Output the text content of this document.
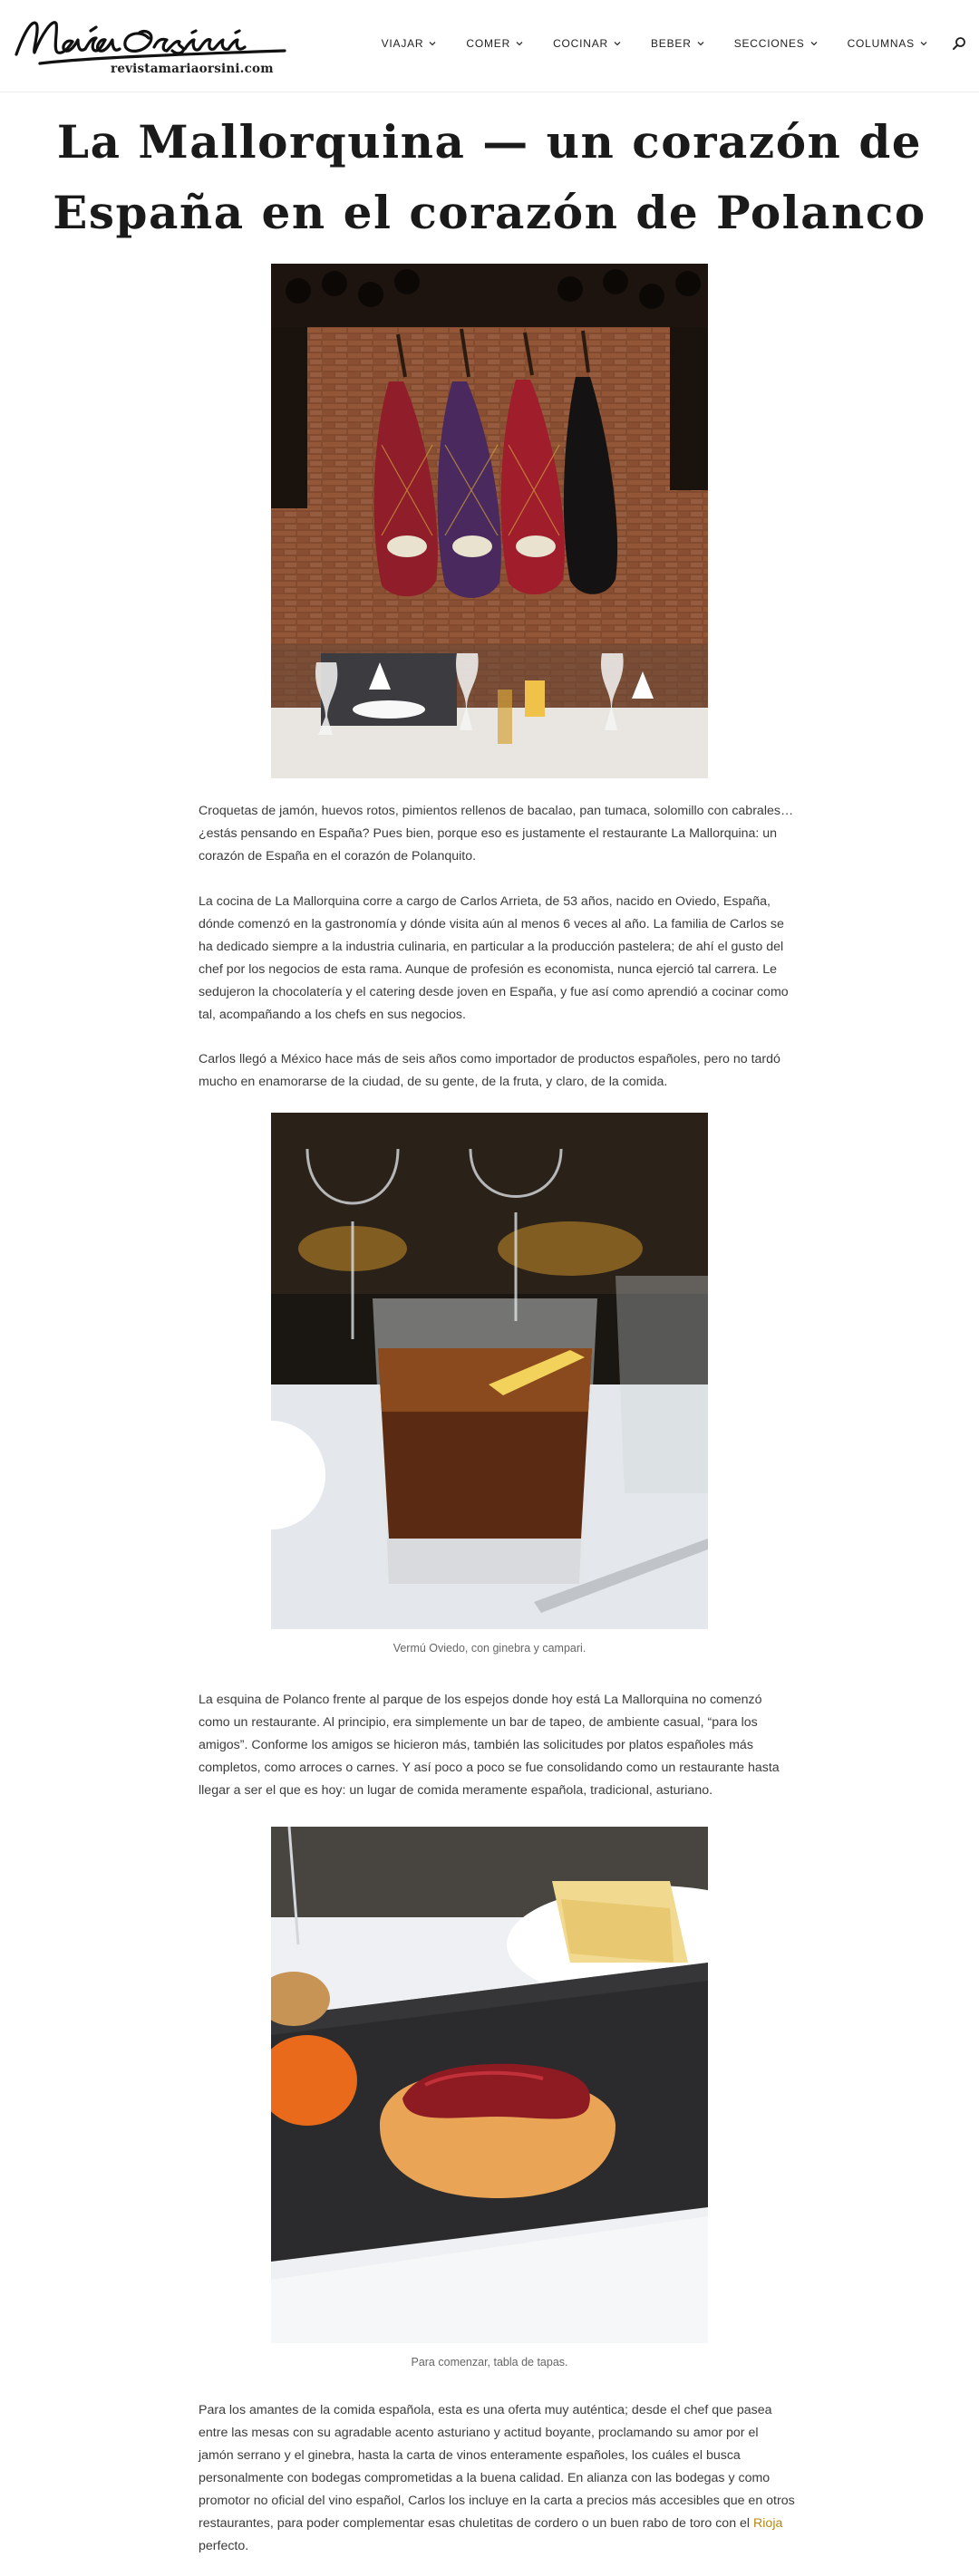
revistamariaorsini.com
VIAJAR	COMER	COCINAR	BEBER	SECCIONES	COLUMNAS
La Mallorquina — un corazón de España en el corazón de Polanco

Croquetas de jamón, huevos rotos, pimientos rellenos de bacalao, pan tumaca, solomillo con cabrales… ¿estás pensando en España? Pues bien, porque eso es justamente el restaurante La Mallorquina: un corazón de España en el corazón de Polanquito.

La cocina de La Mallorquina corre a cargo de Carlos Arrieta, de 53 años, nacido en Oviedo, España, dónde comenzó en la gastronomía y dónde visita aún al menos 6 veces al año. La familia de Carlos se ha dedicado siempre a la industria culinaria, en particular a la producción pastelera; de ahí el gusto del chef por los negocios de esta rama. Aunque de profesión es economista, nunca ejerció tal carrera. Le sedujeron la chocolatería y el catering desde joven en España, y fue así como aprendió a cocinar como tal, acompañando a los chefs en sus negocios.

Carlos llegó a México hace más de seis años como importador de productos españoles, pero no tardó mucho en enamorarse de la ciudad, de su gente, de la fruta, y claro, de la comida.

Vermú Oviedo, con ginebra y campari.

La esquina de Polanco frente al parque de los espejos donde hoy está La Mallorquina no comenzó como un restaurante. Al principio, era simplemente un bar de tapeo, de ambiente casual, “para los amigos”. Conforme los amigos se hicieron más, también las solicitudes por platos españoles más completos, como arroces o carnes. Y así poco a poco se fue consolidando como un restaurante hasta llegar a ser el que es hoy: un lugar de comida meramente española, tradicional, asturiano.

Para comenzar, tabla de tapas.

Para los amantes de la comida española, esta es una oferta muy auténtica; desde el chef que pasea entre las mesas con su agradable acento asturiano y actitud boyante, proclamando su amor por el jamón serrano y el ginebra, hasta la carta de vinos enteramente españoles, los cuáles el busca personalmente con bodegas comprometidas a la buena calidad. En alianza con las bodegas y como promotor no oficial del vino español, Carlos los incluye en la carta a precios más accesibles que en otros restaurantes, para poder complementar esas chuletitas de cordero o un buen rabo de toro con el Rioja perfecto.
